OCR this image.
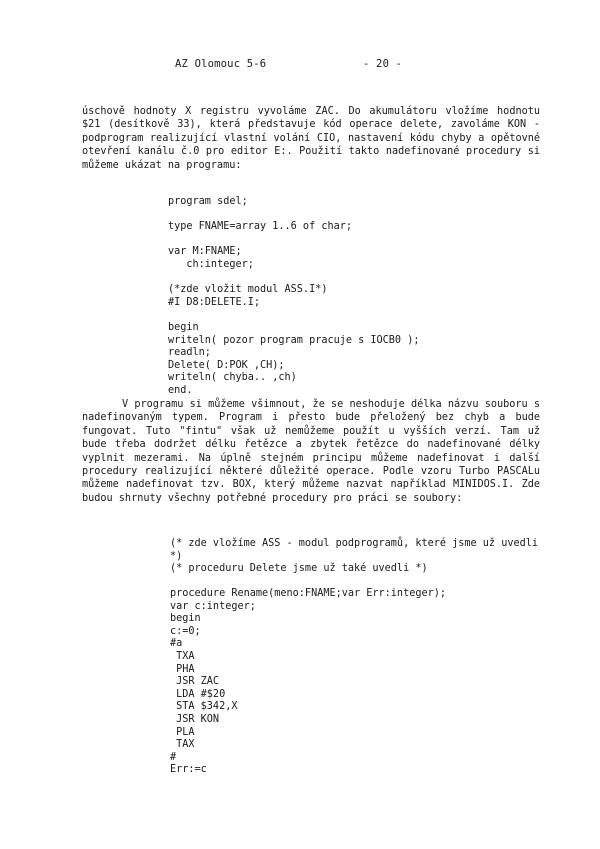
AZ Olomouc 5-6	- 20 -

úschově hodnoty X registru vyvoláme ZAC. Do akumulátoru vložíme hodnotu $21 (desítkově 33), která představuje kód operace delete, zavoláme KON - podprogram realizující vlastní volání CIO, nastavení kódu chyby a opětovné otevření kanálu č.0 pro editor E:. Použití takto nadefinované procedury si můžeme ukázat na programu:

program sdel;
type FNAME=array 1..6 of char;
var M:FNAME;
ch:integer;
(*zde vložit modul ASS.I*)
#I D8:DELETE.I;
begin
writeln( pozor program pracuje s IOCB0 );
readln;
Delete( D:POK ,CH);
writeln( chyba.. ,ch)
end.

V programu si můžeme všimnout, že se neshoduje délka názvu souboru s nadefinovaným typem. Program i přesto bude přeložený bez chyb a bude fungovat. Tuto "fintu" však už nemůžeme použít u vyšších verzí. Tam už bude třeba dodržet délku řetězce a zbytek řetězce do nadefinované délky vyplnit mezerami. Na úplně stejném principu můžeme nadefinovat i další procedury realizující některé důležité operace. Podle vzoru Turbo PASCALu můžeme nadefinovat tzv. BOX, který můžeme nazvat například MINIDOS.I. Zde budou shrnuty všechny potřebné procedury pro práci se soubory:

(* zde vložíme ASS - modul podprogramů, které jsme už uvedli *)
(* proceduru Delete jsme už také uvedli *)
procedure Rename(meno:FNAME;var Err:integer);
var c:integer;
begin
c:=0;
#a
TXA
PHA
JSR ZAC
LDA #$20
STA $342,X
JSR KON
PLA
TAX
#
Err:=c
